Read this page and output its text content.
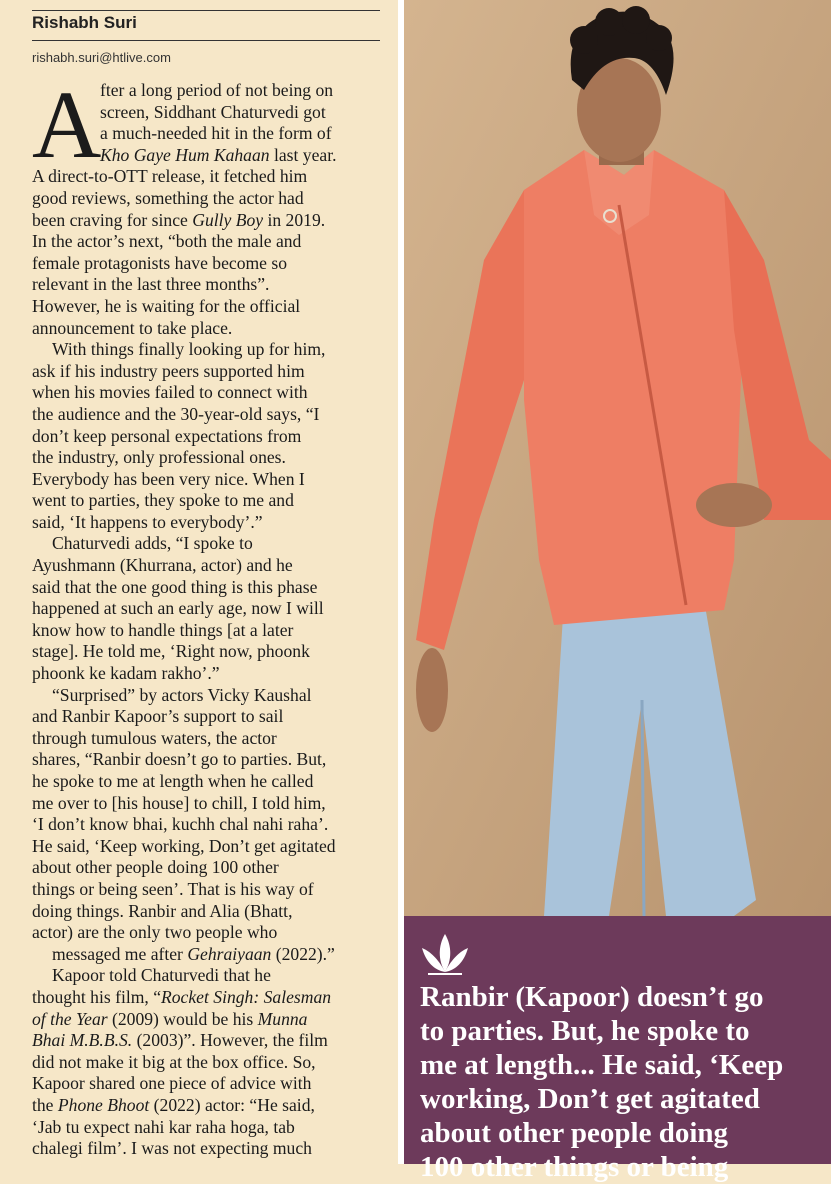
Rishabh Suri
rishabh.suri@htlive.com
A
fter a long period of not being on
screen, Siddhant Chaturvedi got
a much-needed hit in the form of
Kho Gaye Hum Kahaan last year.
A direct-to-OTT release, it fetched him
good reviews, something the actor had
been craving for since Gully Boy in 2019.
In the actor’s next, “both the male and
female protagonists have become so
relevant in the last three months”.
However, he is waiting for the official
announcement to take place.
With things finally looking up for him,
ask if his industry peers supported him
when his movies failed to connect with
the audience and the 30-year-old says, “I
don’t keep personal expectations from
the industry, only professional ones.
Everybody has been very nice. When I
went to parties, they spoke to me and
said, ‘It happens to everybody’.”
Chaturvedi adds, “I spoke to
Ayushmann (Khurrana, actor) and he
said that the one good thing is this phase
happened at such an early age, now I will
know how to handle things [at a later
stage]. He told me, ‘Right now, phoonk
phoonk ke kadam rakho’.”
“Surprised” by actors Vicky Kaushal
and Ranbir Kapoor’s support to sail
through tumulous waters, the actor
shares, “Ranbir doesn’t go to parties. But,
he spoke to me at length when he called
me over to [his house] to chill, I told him,
‘I don’t know bhai, kuchh chal nahi raha’.
He said, ‘Keep working, Don’t get agitated
about other people doing 100 other
things or being seen’. That is his way of
doing things. Ranbir and Alia (Bhatt,
actor) are the only two people who
messaged me after Gehraiyaan (2022).”
Kapoor told Chaturvedi that he
thought his film, “Rocket Singh: Salesman
of the Year (2009) would be his Munna
Bhai M.B.B.S. (2003)”. However, the film
did not make it big at the box office. So,
Kapoor shared one piece of advice with
the Phone Bhoot (2022) actor: “He said,
‘Jab tu expect nahi kar raha hoga, tab
chalegi film’. I was not expecting much
Ranbir (Kapoor) doesn’t go
to parties. But, he spoke to
me at length... He said, ‘Keep
working, Don’t get agitated
about other people doing
100 other things or being
